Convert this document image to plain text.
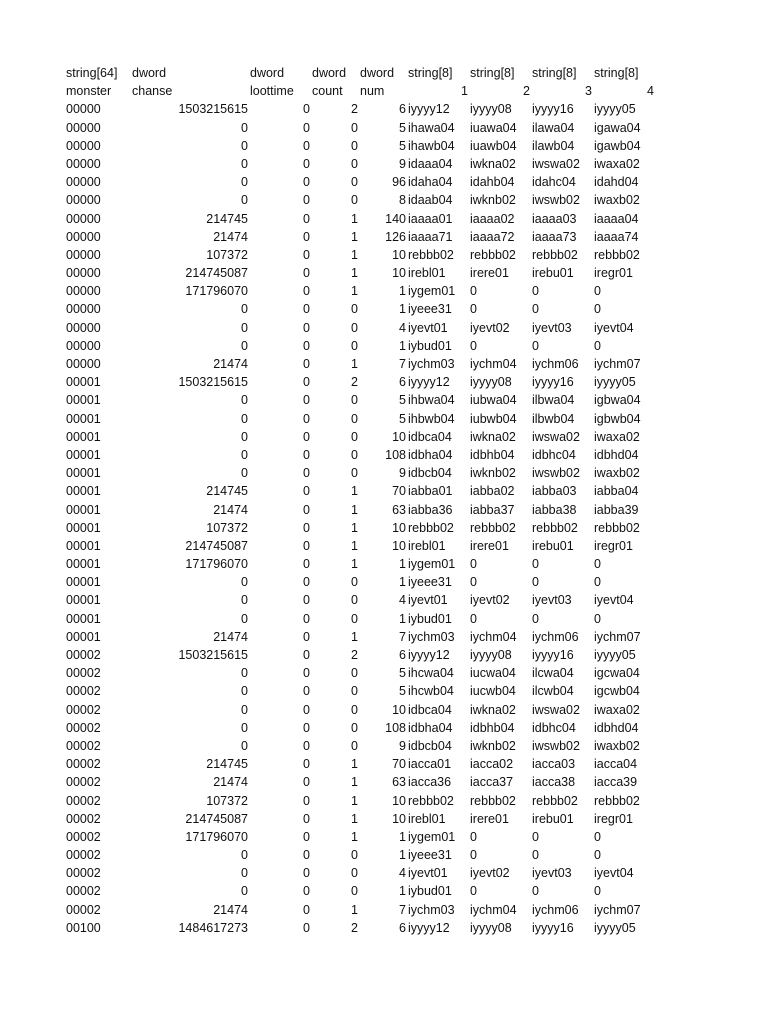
string[64] dword	dword dword dword string[8] string[8] string[8] string[8]
monster chanse	loottime count num	1	2	3	4
00000	1503215615	0	2	6 iyyyy12 iyyyy08 iyyyy16 iyyyy05
00000	0	0	0	5 ihawa04 iuawa04 ilawa04 igawa04
00000	0	0	0	5 ihawb04 iuawb04 ilawb04 igawb04
00000	0	0	0	9 idaaa04 iwkna02 iwswa02 iwaxa02
00000	0	0	0	96 idaha04 idahb04 idahc04 idahd04
00000	0	0	0	8 idaab04 iwknb02 iwswb02 iwaxb02
00000	214745	0	1	140 iaaaa01 iaaaa02 iaaaa03 iaaaa04
00000	21474	0	1	126 iaaaa71 iaaaa72 iaaaa73 iaaaa74
00000	107372	0	1	10 rebbb02 rebbb02 rebbb02 rebbb02
00000	214745087	0	1	10 irebl01 irere01 irebu01 iregr01
00000	171796070	0	1	1 iygem01 0	0	0
00000	0	0	0	1 iyeee31 0	0	0
00000	0	0	0	4 iyevt01 iyevt02 iyevt03 iyevt04
00000	0	0	0	1 iybud01 0	0	0
00000	21474	0	1	7 iychm03 iychm04 iychm06 iychm07
00001	1503215615	0	2	6 iyyyy12 iyyyy08 iyyyy16 iyyyy05
00001	0	0	0	5 ihbwa04 iubwa04 ilbwa04 igbwa04
00001	0	0	0	5 ihbwb04 iubwb04 ilbwb04 igbwb04
00001	0	0	0	10 idbca04 iwkna02 iwswa02 iwaxa02
00001	0	0	0	108 idbha04 idbhb04 idbhc04 idbhd04
00001	0	0	0	9 idbcb04 iwknb02 iwswb02 iwaxb02
00001	214745	0	1	70 iabba01 iabba02 iabba03 iabba04
00001	21474	0	1	63 iabba36 iabba37 iabba38 iabba39
00001	107372	0	1	10 rebbb02 rebbb02 rebbb02 rebbb02
00001	214745087	0	1	10 irebl01 irere01 irebu01 iregr01
00001	171796070	0	1	1 iygem01 0	0	0
00001	0	0	0	1 iyeee31 0	0	0
00001	0	0	0	4 iyevt01 iyevt02 iyevt03 iyevt04
00001	0	0	0	1 iybud01 0	0	0
00001	21474	0	1	7 iychm03 iychm04 iychm06 iychm07
00002	1503215615	0	2	6 iyyyy12 iyyyy08 iyyyy16 iyyyy05
00002	0	0	0	5 ihcwa04 iucwa04 ilcwa04 igcwa04
00002	0	0	0	5 ihcwb04 iucwb04 ilcwb04 igcwb04
00002	0	0	0	10 idbca04 iwkna02 iwswa02 iwaxa02
00002	0	0	0	108 idbha04 idbhb04 idbhc04 idbhd04
00002	0	0	0	9 idbcb04 iwknb02 iwswb02 iwaxb02
00002	214745	0	1	70 iacca01 iacca02 iacca03 iacca04
00002	21474	0	1	63 iacca36 iacca37 iacca38 iacca39
00002	107372	0	1	10 rebbb02 rebbb02 rebbb02 rebbb02
00002	214745087	0	1	10 irebl01 irere01 irebu01 iregr01
00002	171796070	0	1	1 iygem01 0	0	0
00002	0	0	0	1 iyeee31 0	0	0
00002	0	0	0	4 iyevt01 iyevt02 iyevt03 iyevt04
00002	0	0	0	1 iybud01 0	0	0
00002	21474	0	1	7 iychm03 iychm04 iychm06 iychm07
00100	1484617273	0	2	6 iyyyy12 iyyyy08 iyyyy16 iyyyy05
